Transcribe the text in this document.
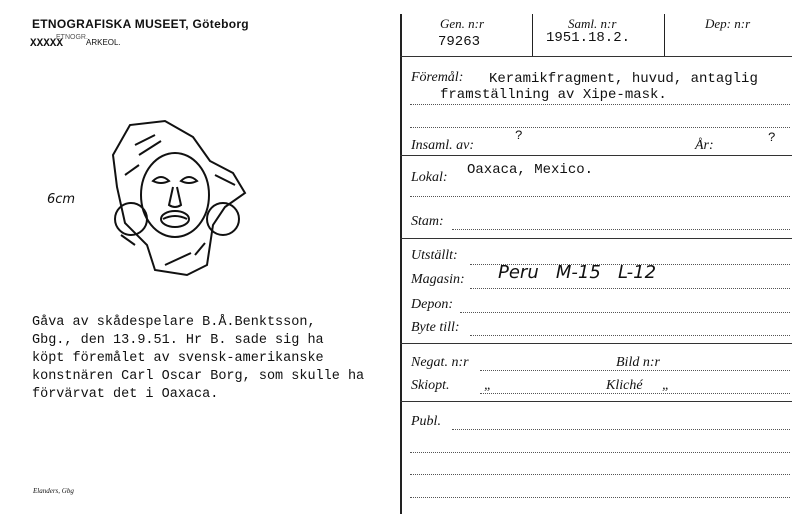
ETNOGRAFISKA MUSEET, Göteborg
XXXXX
ETNOGR.
ARKEOL.
6cm
Gåva av skådespelare B.Å.Benktsson,
Gbg., den 13.9.51. Hr B. sade sig ha
köpt föremålet av svensk-amerikanske
konstnären Carl Oscar Borg, som skulle ha
förvärvat det i Oaxaca.
Elanders, Gbg
Gen. n:r
79263
Saml. n:r
1951.18.2.
Dep: n:r
Föremål: Keramikfragment, huvud, antaglig
framställning av Xipe-mask.
Insaml. av:
?
År:
?
Lokal: Oaxaca, Mexico.
Stam:
Utställt:
Magasin: Peru   M-15   L-12
Depon:
Byte till:
Negat. n:r	Bild n:r
Skiopt. „	Kliché „
Publ.
